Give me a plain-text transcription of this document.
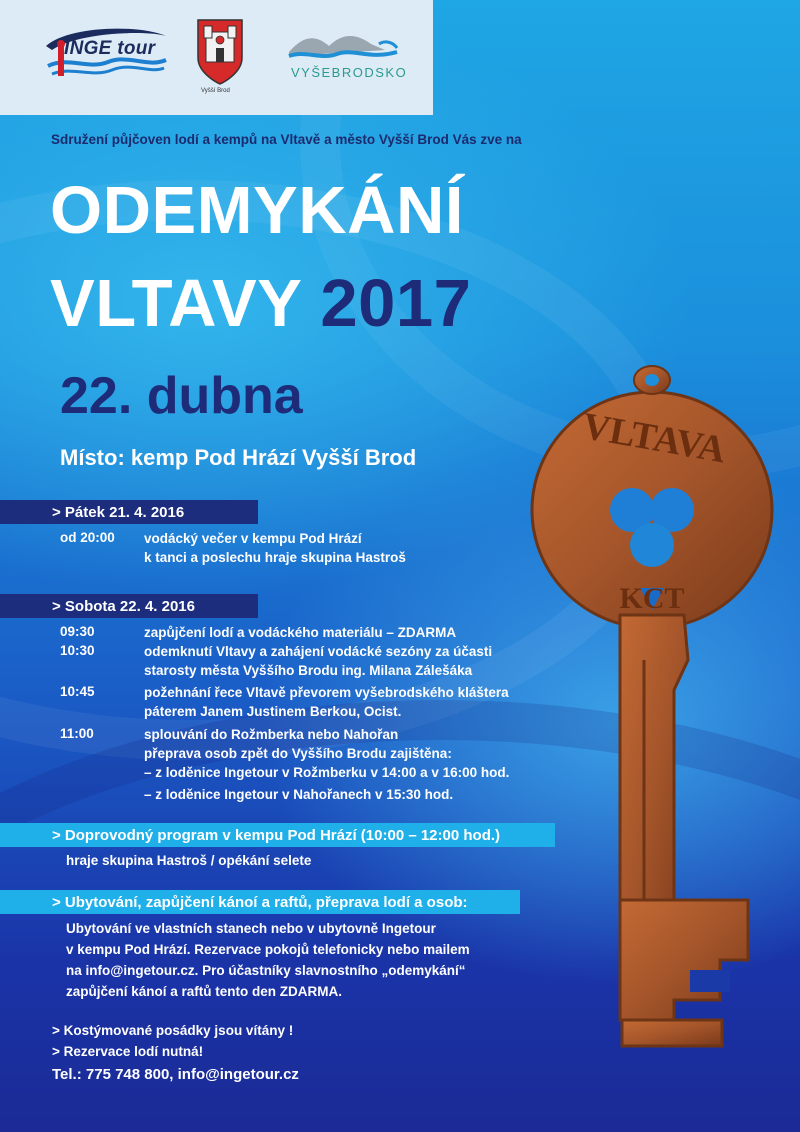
İNGE tour
Vyšší Brod
VYŠEBRODSKO
Sdružení půjčoven lodí a kempů na Vltavě a město Vyšší Brod Vás zve na
ODEMYKÁNÍ
VLTAVY 2017
22. dubna
Místo: kemp Pod Hrází Vyšší Brod	VLTAVA
KCT
> Pátek 21. 4. 2016
od 20:00 vodácký večer v kempu Pod Hrází
k tanci a poslechu hraje skupina Hastroš
> Sobota 22. 4. 2016
09:30	zapůjčení lodí a vodáckého materiálu – ZDARMA
10:30	odemknutí Vltavy a zahájení vodácké sezóny za účasti
starosty města Vyššího Brodu ing. Milana Zálešáka
10:45	požehnání řece Vltavě převorem vyšebrodského kláštera
páterem Janem Justinem Berkou, Ocist.
11:00	splouvání do Rožmberka nebo Nahořan
přeprava osob zpět do Vyššího Brodu zajištěna:
– z loděnice Ingetour v Rožmberku v 14:00 a v 16:00 hod.
– z loděnice Ingetour v Nahořanech v 15:30 hod.
> Doprovodný program v kempu Pod Hrází (10:00 – 12:00 hod.)
hraje skupina Hastroš / opékání selete
> Ubytování, zapůjčení kánoí a raftů, přeprava lodí a osob:
Ubytování ve vlastních stanech nebo v ubytovně Ingetour
v kempu Pod Hrází. Rezervace pokojů telefonicky nebo mailem
na info@ingetour.cz. Pro účastníky slavnostního „odemykání“
zapůjčení kánoí a raftů tento den ZDARMA.
> Kostýmované posádky jsou vítány !
> Rezervace lodí nutná!
Tel.: 775 748 800, info@ingetour.cz
